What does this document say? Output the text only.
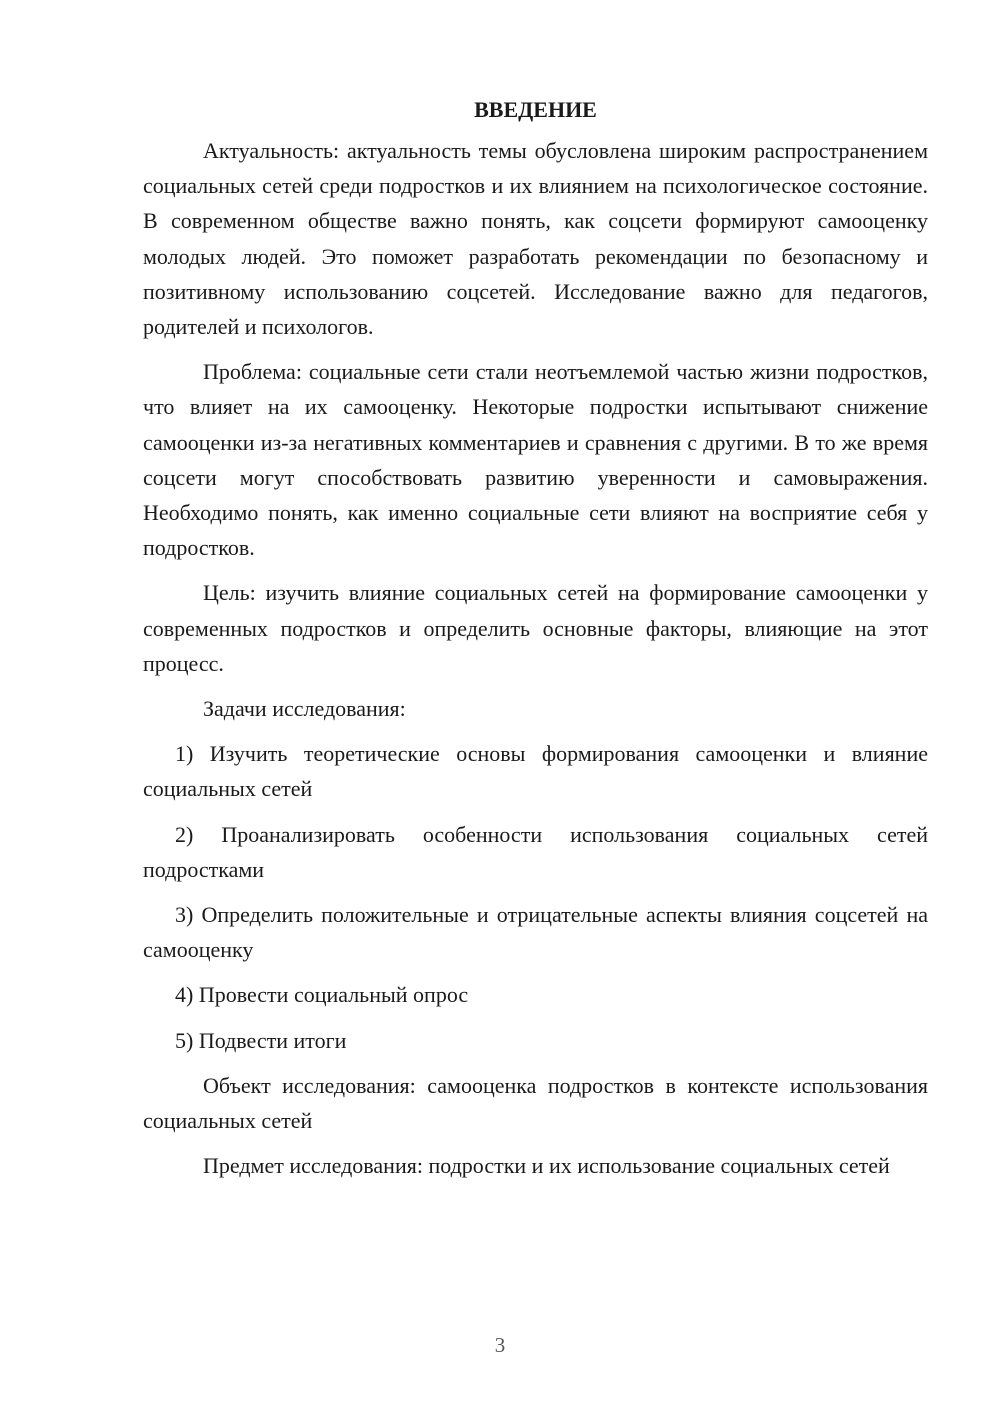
ВВЕДЕНИЕ

Актуальность: актуальность темы обусловлена широким распространением социальных сетей среди подростков и их влиянием на психологическое состояние. В современном обществе важно понять, как соцсети формируют самооценку молодых людей. Это поможет разработать рекомендации по безопасному и позитивному использованию соцсетей. Исследование важно для педагогов, родителей и психологов.

Проблема: социальные сети стали неотъемлемой частью жизни подростков, что влияет на их самооценку. Некоторые подростки испытывают снижение самооценки из-за негативных комментариев и сравнения с другими. В то же время соцсети могут способствовать развитию уверенности и самовыражения. Необходимо понять, как именно социальные сети влияют на восприятие себя у подростков.

Цель: изучить влияние социальных сетей на формирование самооценки у современных подростков и определить основные факторы, влияющие на этот процесс.

Задачи исследования:

1) Изучить теоретические основы формирования самооценки и влияние социальных сетей

2) Проанализировать особенности использования социальных сетей подростками

3) Определить положительные и отрицательные аспекты влияния соцсетей на самооценку

4) Провести социальный опрос

5) Подвести итоги

Объект исследования: самооценка подростков в контексте использования социальных сетей

Предмет исследования: подростки и их использование социальных сетей

3
